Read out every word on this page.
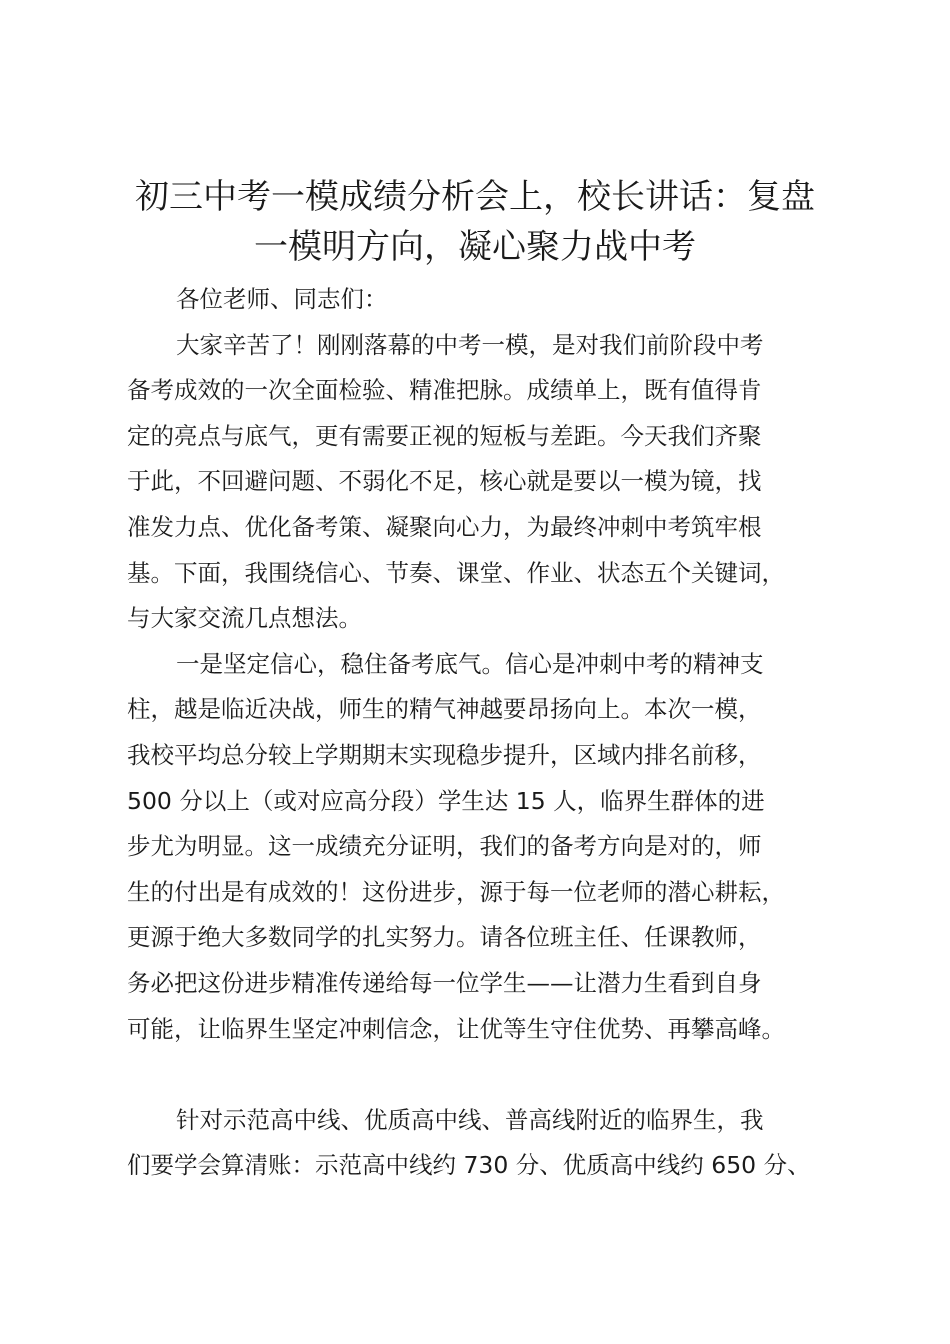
初三中考一模成绩分析会上，校长讲话：复盘
一模明方向，凝心聚力战中考
各位老师、同志们：
大家辛苦了！刚刚落幕的中考一模，是对我们前阶段中考
备考成效的一次全面检验、精准把脉。成绩单上，既有值得肯
定的亮点与底气，更有需要正视的短板与差距。今天我们齐聚
于此，不回避问题、不弱化不足，核心就是要以一模为镜，找
准发力点、优化备考策、凝聚向心力，为最终冲刺中考筑牢根
基。下面，我围绕信心、节奏、课堂、作业、状态五个关键词，
与大家交流几点想法。
一是坚定信心，稳住备考底气。信心是冲刺中考的精神支
柱，越是临近决战，师生的精气神越要昂扬向上。本次一模，
我校平均总分较上学期期末实现稳步提升，区域内排名前移，
500 分以上（或对应高分段）学生达 15 人，临界生群体的进
步尤为明显。这一成绩充分证明，我们的备考方向是对的，师
生的付出是有成效的！这份进步，源于每一位老师的潜心耕耘，
更源于绝大多数同学的扎实努力。请各位班主任、任课教师，
务必把这份进步精准传递给每一位学生——让潜力生看到自身
可能，让临界生坚定冲刺信念，让优等生守住优势、再攀高峰。
针对示范高中线、优质高中线、普高线附近的临界生，我
们要学会算清账：示范高中线约 730 分、优质高中线约 650 分、
